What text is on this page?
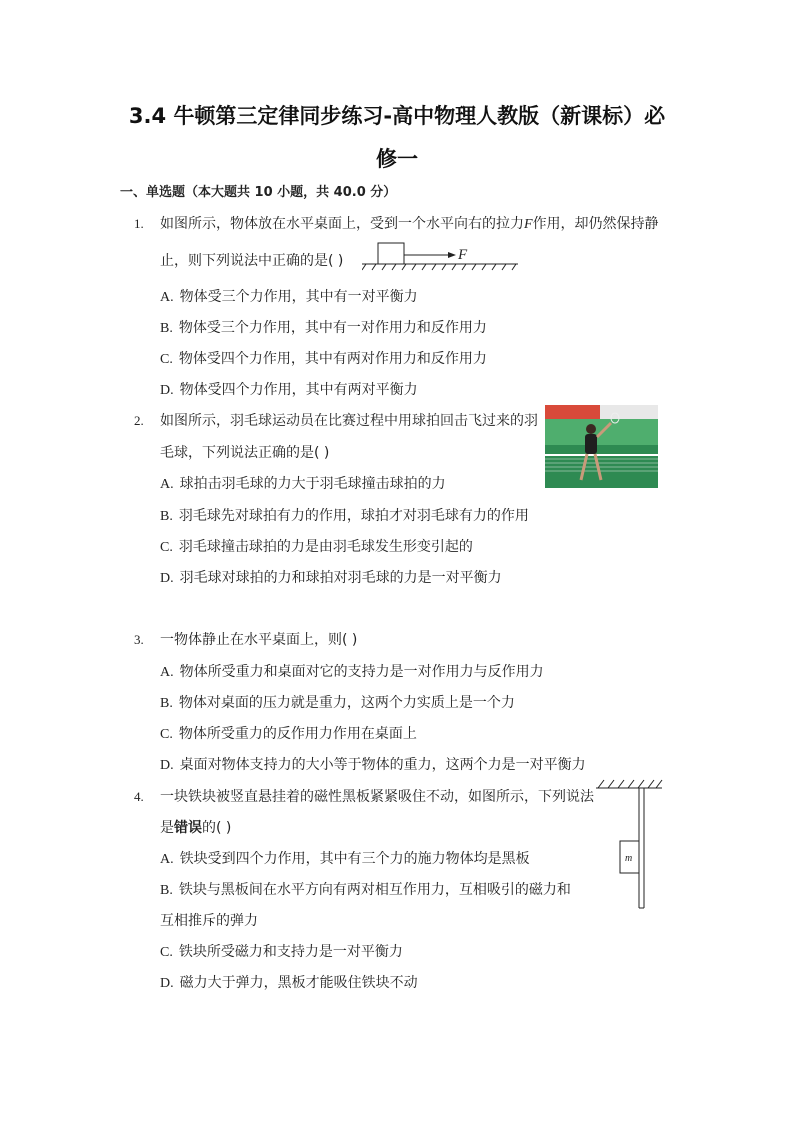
3.4 牛顿第三定律同步练习-高中物理人教版（新课标）必
修一
一、单选题（本大题共 10 小题，共 40.0 分）
1. 如图所示，物体放在水平桌面上，受到一个水平向右的拉力F作用，却仍然保持静
止，则下列说法中正确的是( )	F
A. 物体受三个力作用，其中有一对平衡力
B. 物体受三个力作用，其中有一对作用力和反作用力
C. 物体受四个力作用，其中有两对作用力和反作用力
D. 物体受四个力作用，其中有两对平衡力
2. 如图所示，羽毛球运动员在比赛过程中用球拍回击飞过来的羽
毛球，下列说法正确的是( )
A. 球拍击羽毛球的力大于羽毛球撞击球拍的力
B. 羽毛球先对球拍有力的作用，球拍才对羽毛球有力的作用
C. 羽毛球撞击球拍的力是由羽毛球发生形变引起的
D. 羽毛球对球拍的力和球拍对羽毛球的力是一对平衡力
3. 一物体静止在水平桌面上，则( )
A. 物体所受重力和桌面对它的支持力是一对作用力与反作用力
B. 物体对桌面的压力就是重力，这两个力实质上是一个力
C. 物体所受重力的反作用力作用在桌面上
D. 桌面对物体支持力的大小等于物体的重力，这两个力是一对平衡力
4. 一块铁块被竖直悬挂着的磁性黑板紧紧吸住不动，如图所示，下列说法
是错误的( )
m
A. 铁块受到四个力作用，其中有三个力的施力物体均是黑板
B. 铁块与黑板间在水平方向有两对相互作用力，互相吸引的磁力和
互相推斥的弹力
C. 铁块所受磁力和支持力是一对平衡力
D. 磁力大于弹力，黑板才能吸住铁块不动
